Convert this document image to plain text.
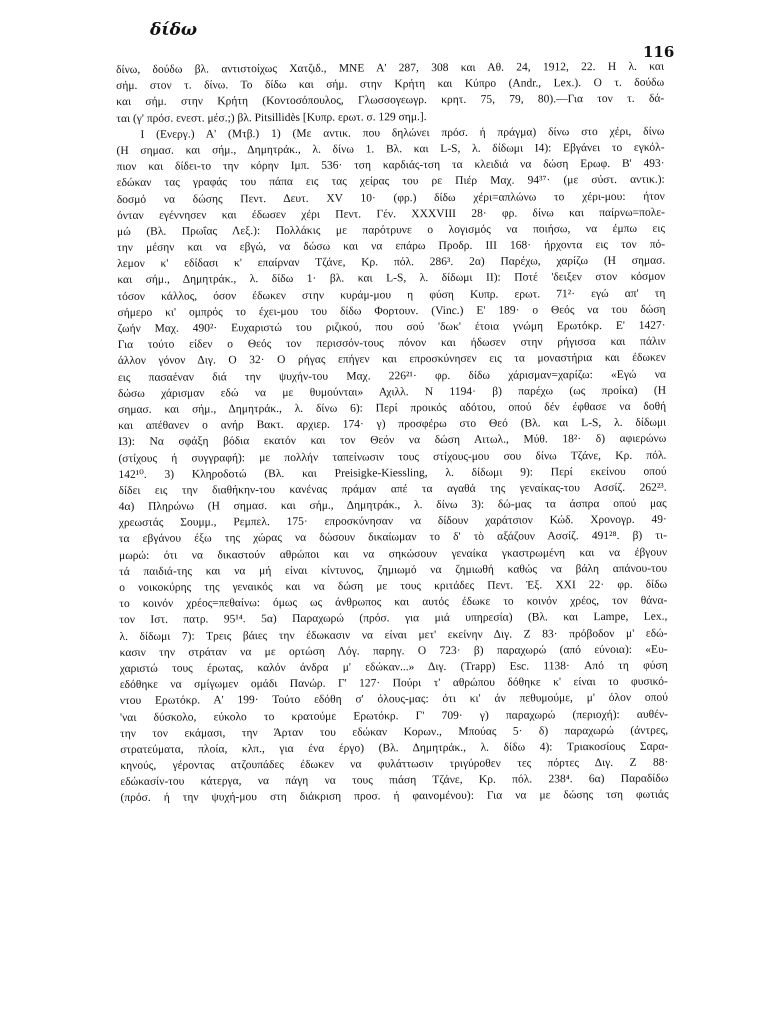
δίδω
116
δίνω, δούδω βλ. αντιστοίχως Χατζιδ., ΜΝΕ Α' 287, 308 και Αθ. 24, 1912, 22. Η λ. και
σήμ. στον τ. δίνω. Το δίδω και σήμ. στην Κρήτη και Κύπρο (Andr., Lex.). Ο τ. δούδω
και σήμ. στην Κρήτη (Κοντοσόπουλος, Γλωσσογεωγρ. κρητ. 75, 79, 80).—Για τον τ. δά-
ται (γ' πρόσ. ενεστ. μέσ.;) βλ. Pitsillidès [Κυπρ. ερωτ. σ. 129 σημ.].
Ι (Ενεργ.) Α' (Μτβ.) 1) (Με αντικ. που δηλώνει πρόσ. ή πράγμα) δίνω στο χέρι, δίνω
(Η σημασ. και σήμ., Δημητράκ., λ. δίνω 1. Βλ. και L-S, λ. δίδωμι I4): Εβγάνει το εγκόλ-
πιον και δίδει-το την κόρην Ιμπ. 536· τση καρδιάς-τση τα κλειδιά να δώση Ερωφ. Β' 493·
εδώκαν τας γραφάς του πάπα εις τας χείρας του ρε Πιέρ Μαχ. 94³⁷· (με σύστ. αντικ.):
δοσμό να δώσης Πεντ. Δευτ. XV 10· (φρ.) δίδω χέρι=απλώνω το χέρι-μου: ήτον
όνταν εγέννησεν και έδωσεν χέρι Πεντ. Γέν. XXXVIII 28· φρ. δίνω και παίρνω=πολε-
μώ (Βλ. Πρωΐας Λεξ.): Πολλάκις με παρότρυνε ο λογισμός να ποιήσω, να έμπω εις
την μέσην και να εβγώ, να δώσω και να επάρω Προδρ. III 168· ήρχοντα εις τον πό-
λεμον κ' εδίδασι κ' επαίρναν Τζάνε, Κρ. πόλ. 286³. 2α) Παρέχω, χαρίζω (Η σημασ.
και σήμ., Δημητράκ., λ. δίδω 1· βλ. και L-S, λ. δίδωμι II): Ποτέ 'δειξεν στον κόσμον
τόσον κάλλος, όσον έδωκεν στην κυράμ-μου η φύση Κυπρ. ερωτ. 71²· εγώ απ' τη
σήμερο κι' ομπρός το έχει-μου του δίδω Φορτουν. (Vinc.) Ε' 189· ο Θεός να του δώση
ζωήν Μαχ. 490²· Ευχαριστώ του ριζικού, που σού 'δωκ' έτοια γνώμη Ερωτόκρ. Ε' 1427·
Για τούτο είδεν ο Θεός τον περισσόν-τους πόνον και ήδωσεν στην ρήγισσα και πάλιν
άλλον γόνον Διγ. Ο 32· Ο ρήγας επήγεν και επροσκύνησεν εις τα μοναστήρια και έδωκεν
εις πασαέναν διά την ψυχήν-του Μαχ. 226²¹· φρ. δίδω χάρισμαν=χαρίζω: «Εγώ να
δώσω χάρισμαν εδώ να με θυμούνται» Αχιλλ. Ν 1194· β) παρέχω (ως προίκα) (Η
σημασ. και σήμ., Δημητράκ., λ. δίνω 6): Περί προικός αδότου, οπού δέν έφθασε να δοθή
και απέθανεν ο ανήρ Βακτ. αρχιερ. 174· γ) προσφέρω στο Θεό (Βλ. και L-S, λ. δίδωμι
I3): Να σφάξη βόδια εκατόν και τον Θεόν να δώση Αιτωλ., Μύθ. 18²· δ) αφιερώνω
(στίχους ή συγγραφή): με πολλήν ταπείνωσιν τους στίχους-μου σου δίνω Τζάνε, Κρ. πόλ.
142¹⁰. 3) Κληροδοτώ (Βλ. και Preisigke-Kiessling, λ. δίδωμι 9): Περί εκείνου οπού
δίδει εις την διαθήκην-του κανένας πράμαν απέ τα αγαθά της γεναίκας-του Ασσίζ. 262²³.
4α) Πληρώνω (Η σημασ. και σήμ., Δημητράκ., λ. δίνω 3): δώ-μας τα άσπρα οπού μας
χρεωστάς Σουμμ., Ρεμπελ. 175· επροσκύνησαν να δίδουν χαράτσιον Κώδ. Χρονογρ. 49·
τα εβγάνου έξω της χώρας να δώσουν δικαίωμαν το δ' τὸ αξάζουν Ασσίζ. 491²⁸. β) τι-
μωρώ: ότι να δικαστούν αθρώποι και να σηκώσουν γεναίκα γκαστρωμένη και να έβγουν
τά παιδιά-της και να μή είναι κίντυνος, ζημιωμό να ζημιωθή καθώς να βάλη απάνου-του
ο νοικοκύρης της γεναικός και να δώση με τους κριτάδες Πεντ. Έξ. XXI 22· φρ. δίδω
το κοινόν χρέος=πεθαίνω: όμως ως άνθρωπος και αυτός έδωκε το κοινόν χρέος, τον θάνα-
τον Ιστ. πατρ. 95¹⁴. 5α) Παραχωρώ (πρόσ. για μιά υπηρεσία) (Βλ. και Lampe, Lex.,
λ. δίδωμι 7): Τρεις βάιες την έδωκασιν να είναι μετ' εκείνην Διγ. Ζ 83· πρόβοδον μ' εδώ-
κασιν την στράταν να με ορτώση Λόγ. παρηγ. Ο 723· β) παραχωρώ (από εύνοια): «Ευ-
χαριστώ τους έρωτας, καλόν άνδρα μ' εδώκαν...» Διγ. (Trapp) Esc. 1138· Από τη φύση
εδόθηκε να σμίγωμεν ομάδι Πανώρ. Γ' 127· Πούρι τ' αθρώπου δόθηκε κ' είναι το φυσικό-
ντου Ερωτόκρ. Α' 199· Τούτο εδόθη σ' όλους-μας: ότι κι' άν πεθυμούμε, μ' όλον οπού
'ναι δύσκολο, εύκολο το κρατούμε Ερωτόκρ. Γ' 709· γ) παραχωρώ (περιοχή): αυθέν-
την τον εκάμασι, την Άρταν του εδώκαν Κορων., Μπούας 5· δ) παραχωρώ (άντρες,
στρατεύματα, πλοία, κλπ., για ένα έργο) (Βλ. Δημητράκ., λ. δίδω 4): Τριακοσίους Σαρα-
κηνούς, γέροντας ατζουπάδες έδωκεν να φυλάττωσιν τριγύροθεν τες πόρτες Διγ. Ζ 88·
εδώκασίν-του κάτεργα, να πάγη να τους πιάση Τζάνε, Κρ. πόλ. 238⁴. 6α) Παραδίδω
(πρόσ. ή την ψυχή-μου στη διάκριση προσ. ή φαινομένου): Για να με δώσης τση φωτιάς
